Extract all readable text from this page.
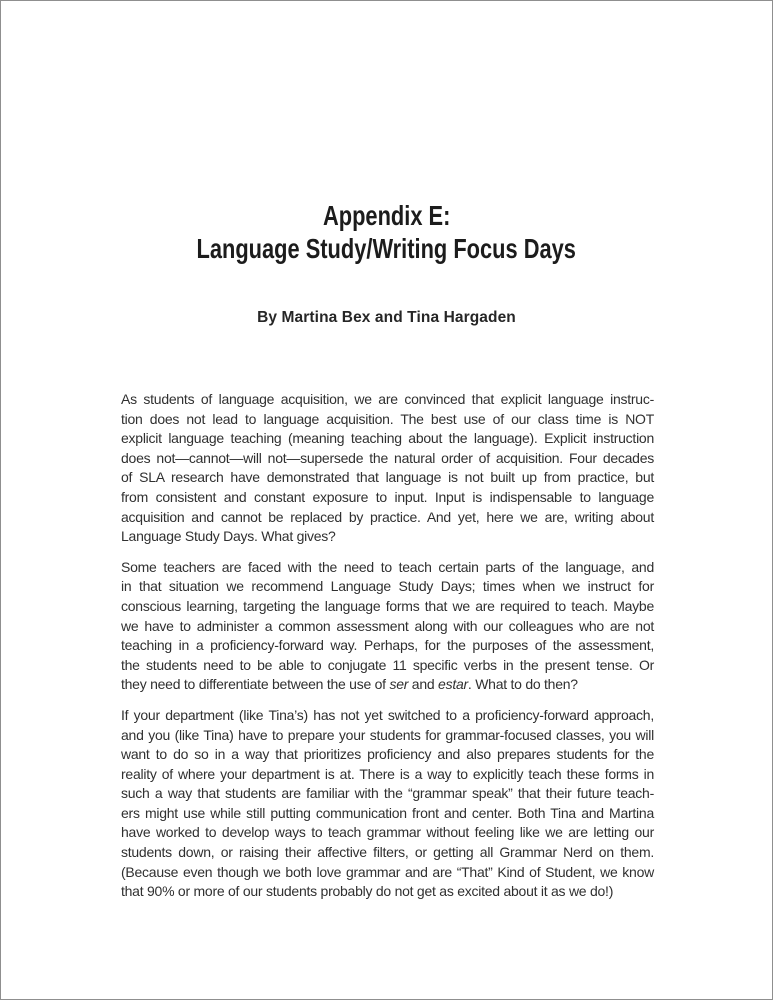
Appendix E:
Language Study/Writing Focus Days
By Martina Bex and Tina Hargaden
As students of language acquisition, we are convinced that explicit language instruc-
tion does not lead to language acquisition. The best use of our class time is NOT
explicit language teaching (meaning teaching about the language). Explicit instruction
does not—cannot—will not—supersede the natural order of acquisition. Four decades
of SLA research have demonstrated that language is not built up from practice, but
from consistent and constant exposure to input. Input is indispensable to language
acquisition and cannot be replaced by practice. And yet, here we are, writing about
Language Study Days. What gives?
Some teachers are faced with the need to teach certain parts of the language, and
in that situation we recommend Language Study Days; times when we instruct for
conscious learning, targeting the language forms that we are required to teach. Maybe
we have to administer a common assessment along with our colleagues who are not
teaching in a proficiency-forward way. Perhaps, for the purposes of the assessment,
the students need to be able to conjugate 11 specific verbs in the present tense. Or
they need to differentiate between the use of ser and estar. What to do then?
If your department (like Tina’s) has not yet switched to a proficiency-forward approach,
and you (like Tina) have to prepare your students for grammar-focused classes, you will
want to do so in a way that prioritizes proficiency and also prepares students for the
reality of where your department is at. There is a way to explicitly teach these forms in
such a way that students are familiar with the “grammar speak” that their future teach-
ers might use while still putting communication front and center. Both Tina and Martina
have worked to develop ways to teach grammar without feeling like we are letting our
students down, or raising their affective filters, or getting all Grammar Nerd on them.
(Because even though we both love grammar and are “That” Kind of Student, we know
that 90% or more of our students probably do not get as excited about it as we do!)
